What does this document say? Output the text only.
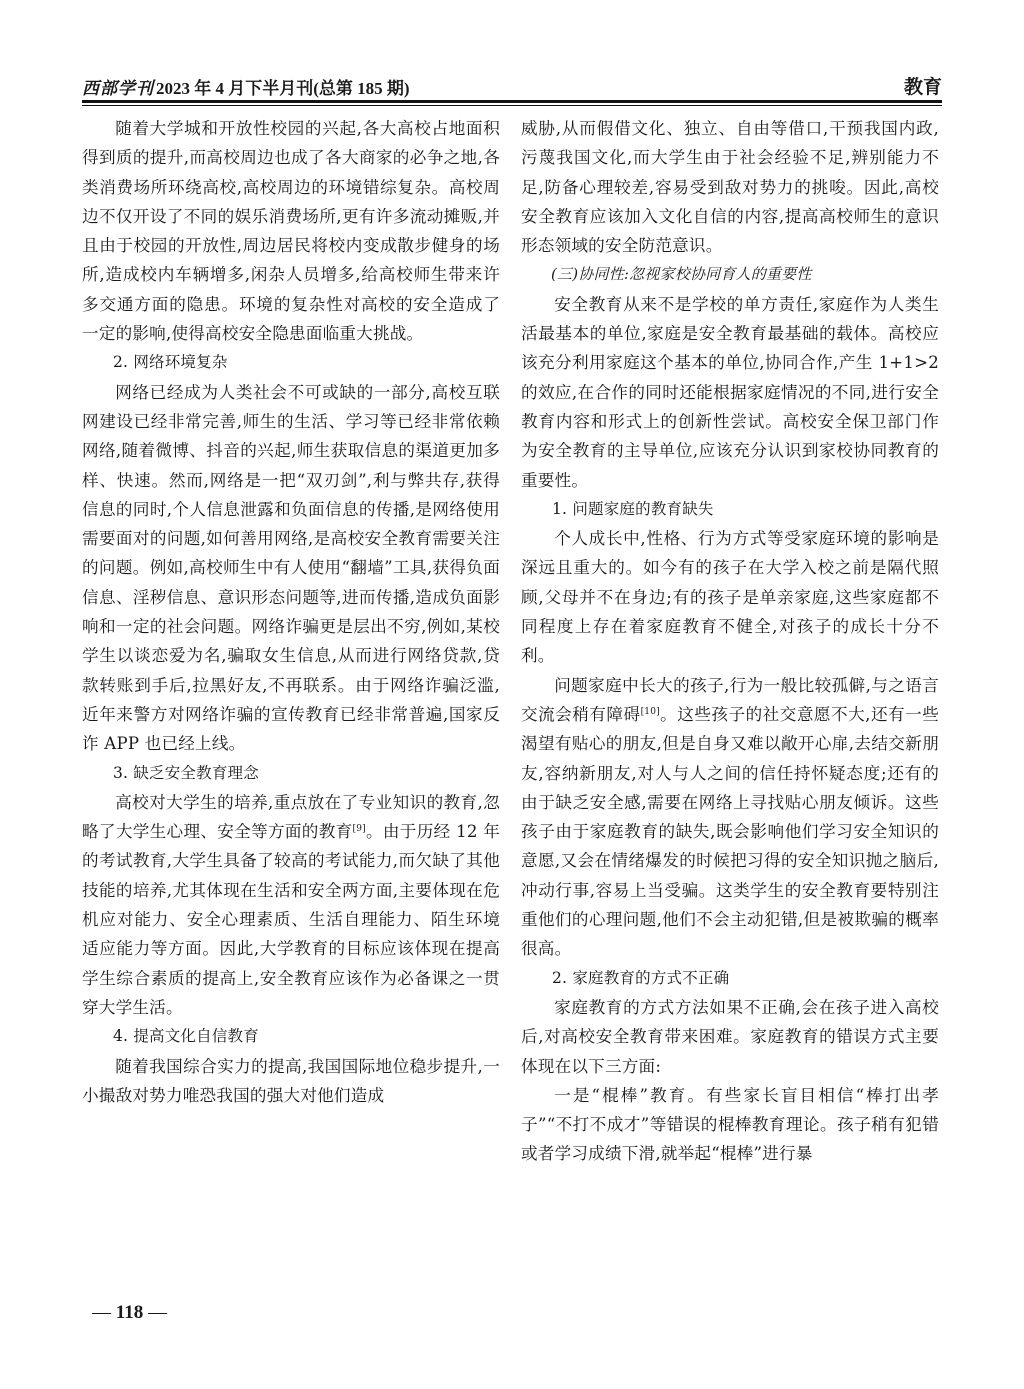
西部学刊 2023 年 4 月下半月刊(总第 185 期)	教育

随着大学城和开放性校园的兴起,各大高校占地面积得到质的提升,而高校周边也成了各大商家的必争之地,各类消费场所环绕高校,高校周边的环境错综复杂。高校周边不仅开设了不同的娱乐消费场所,更有许多流动摊贩,并且由于校园的开放性,周边居民将校内变成散步健身的场所,造成校内车辆增多,闲杂人员增多,给高校师生带来许多交通方面的隐患。环境的复杂性对高校的安全造成了一定的影响,使得高校安全隐患面临重大挑战。

2. 网络环境复杂

网络已经成为人类社会不可或缺的一部分,高校互联网建设已经非常完善,师生的生活、学习等已经非常依赖网络,随着微博、抖音的兴起,师生获取信息的渠道更加多样、快速。然而,网络是一把“双刃剑”,利与弊共存,获得信息的同时,个人信息泄露和负面信息的传播,是网络使用需要面对的问题,如何善用网络,是高校安全教育需要关注的问题。例如,高校师生中有人使用“翻墙”工具,获得负面信息、淫秽信息、意识形态问题等,进而传播,造成负面影响和一定的社会问题。网络诈骗更是层出不穷,例如,某校学生以谈恋爱为名,骗取女生信息,从而进行网络贷款,贷款转账到手后,拉黑好友,不再联系。由于网络诈骗泛滥,近年来警方对网络诈骗的宣传教育已经非常普遍,国家反诈 APP 也已经上线。

3. 缺乏安全教育理念

高校对大学生的培养,重点放在了专业知识的教育,忽略了大学生心理、安全等方面的教育[9]。由于历经 12 年的考试教育,大学生具备了较高的考试能力,而欠缺了其他技能的培养,尤其体现在生活和安全两方面,主要体现在危机应对能力、安全心理素质、生活自理能力、陌生环境适应能力等方面。因此,大学教育的目标应该体现在提高学生综合素质的提高上,安全教育应该作为必备课之一贯穿大学生活。

4. 提高文化自信教育

随着我国综合实力的提高,我国国际地位稳步提升,一小撮敌对势力唯恐我国的强大对他们造成

威胁,从而假借文化、独立、自由等借口,干预我国内政,污蔑我国文化,而大学生由于社会经验不足,辨别能力不足,防备心理较差,容易受到敌对势力的挑唆。因此,高校安全教育应该加入文化自信的内容,提高高校师生的意识形态领域的安全防范意识。

(三)协同性:忽视家校协同育人的重要性

安全教育从来不是学校的单方责任,家庭作为人类生活最基本的单位,家庭是安全教育最基础的载体。高校应该充分利用家庭这个基本的单位,协同合作,产生 1+1>2 的效应,在合作的同时还能根据家庭情况的不同,进行安全教育内容和形式上的创新性尝试。高校安全保卫部门作为安全教育的主导单位,应该充分认识到家校协同教育的重要性。

1. 问题家庭的教育缺失

个人成长中,性格、行为方式等受家庭环境的影响是深远且重大的。如今有的孩子在大学入校之前是隔代照顾,父母并不在身边;有的孩子是单亲家庭,这些家庭都不同程度上存在着家庭教育不健全,对孩子的成长十分不利。

问题家庭中长大的孩子,行为一般比较孤僻,与之语言交流会稍有障碍[10]。这些孩子的社交意愿不大,还有一些渴望有贴心的朋友,但是自身又难以敞开心扉,去结交新朋友,容纳新朋友,对人与人之间的信任持怀疑态度;还有的由于缺乏安全感,需要在网络上寻找贴心朋友倾诉。这些孩子由于家庭教育的缺失,既会影响他们学习安全知识的意愿,又会在情绪爆发的时候把习得的安全知识抛之脑后,冲动行事,容易上当受骗。这类学生的安全教育要特别注重他们的心理问题,他们不会主动犯错,但是被欺骗的概率很高。

2. 家庭教育的方式不正确

家庭教育的方式方法如果不正确,会在孩子进入高校后,对高校安全教育带来困难。家庭教育的错误方式主要体现在以下三方面:

一是“棍棒”教育。有些家长盲目相信“棒打出孝子”“不打不成才”等错误的棍棒教育理论。孩子稍有犯错或者学习成绩下滑,就举起“棍棒”进行暴

— 118 —
